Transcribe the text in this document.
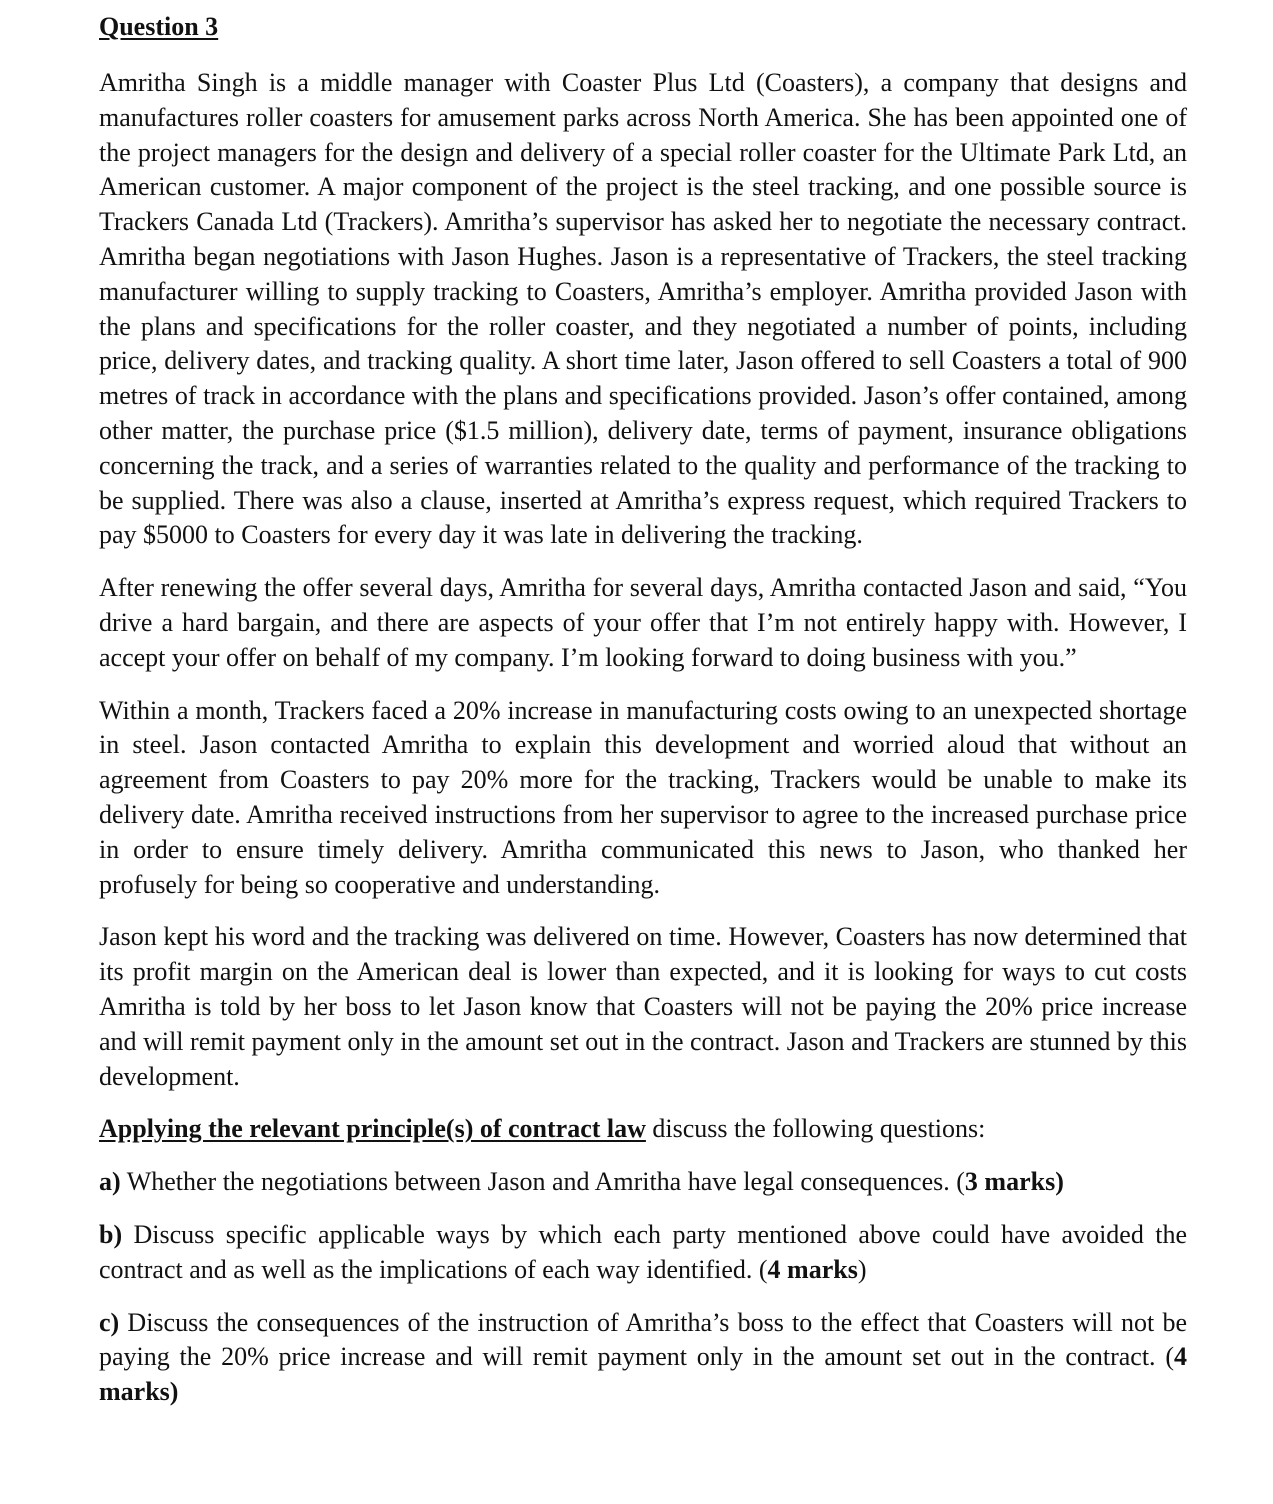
Question 3

Amritha Singh is a middle manager with Coaster Plus Ltd (Coasters), a company that designs and manufactures roller coasters for amusement parks across North America. She has been appointed one of the project managers for the design and delivery of a special roller coaster for the Ultimate Park Ltd, an American customer. A major component of the project is the steel tracking, and one possible source is Trackers Canada Ltd (Trackers). Amritha’s supervisor has asked her to negotiate the necessary contract. Amritha began negotiations with Jason Hughes. Jason is a representative of Trackers, the steel tracking manufacturer willing to supply tracking to Coasters, Amritha’s employer. Amritha provided Jason with the plans and specifications for the roller coaster, and they negotiated a number of points, including price, delivery dates, and tracking quality. A short time later, Jason offered to sell Coasters a total of 900 metres of track in accordance with the plans and specifications provided. Jason’s offer contained, among other matter, the purchase price ($1.5 million), delivery date, terms of payment, insurance obligations concerning the track, and a series of warranties related to the quality and performance of the tracking to be supplied. There was also a clause, inserted at Amritha’s express request, which required Trackers to pay $5000 to Coasters for every day it was late in delivering the tracking.

After renewing the offer several days, Amritha for several days, Amritha contacted Jason and said, “You drive a hard bargain, and there are aspects of your offer that I’m not entirely happy with. However, I accept your offer on behalf of my company. I’m looking forward to doing business with you.”

Within a month, Trackers faced a 20% increase in manufacturing costs owing to an unexpected shortage in steel. Jason contacted Amritha to explain this development and worried aloud that without an agreement from Coasters to pay 20% more for the tracking, Trackers would be unable to make its delivery date. Amritha received instructions from her supervisor to agree to the increased purchase price in order to ensure timely delivery. Amritha communicated this news to Jason, who thanked her profusely for being so cooperative and understanding.

Jason kept his word and the tracking was delivered on time. However, Coasters has now determined that its profit margin on the American deal is lower than expected, and it is looking for ways to cut costs Amritha is told by her boss to let Jason know that Coasters will not be paying the 20% price increase and will remit payment only in the amount set out in the contract. Jason and Trackers are stunned by this development.

Applying the relevant principle(s) of contract law discuss the following questions:

a) Whether the negotiations between Jason and Amritha have legal consequences. (3 marks)

b) Discuss specific applicable ways by which each party mentioned above could have avoided the contract and as well as the implications of each way identified. (4 marks)

c) Discuss the consequences of the instruction of Amritha’s boss to the effect that Coasters will not be paying the 20% price increase and will remit payment only in the amount set out in the contract. (4 marks)
